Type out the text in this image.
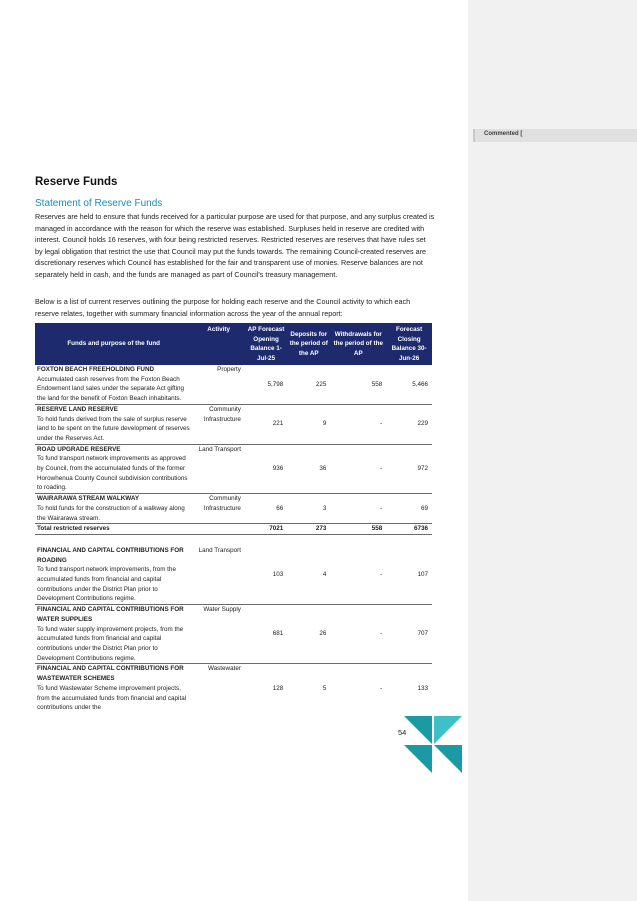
Reserve Funds
Statement of Reserve Funds
Reserves are held to ensure that funds received for a particular purpose are used for that purpose, and any surplus created is managed in accordance with the reason for which the reserve was established. Surpluses held in reserve are credited with interest. Council holds 16 reserves, with four being restricted reserves. Restricted reserves are reserves that have rules set by legal obligation that restrict the use that Council may put the funds towards. The remaining Council-created reserves are discretionary reserves which Council has established for the fair and transparent use of monies. Reserve balances are not separately held in cash, and the funds are managed as part of Council's treasury management.
Below is a list of current reserves outlining the purpose for holding each reserve and the Council activity to which each reserve relates, together with summary financial information across the year of the annual report:
Funds and purpose of the fund	Activity	AP Forecast Opening Balance 1-Jul-25	Deposits for the period of the AP	Withdrawals for the period of the AP	Forecast Closing Balance 30-Jun-26
FOXTON BEACH FREEHOLDING FUND
Accumulated cash reserves from the Foxton Beach Endowment land sales under the separate Act gifting the land for the benefit of Foxton Beach inhabitants.	Property	5,798	225	558	5,466
RESERVE LAND RESERVE
To hold funds derived from the sale of surplus reserve land to be spent on the future development of reserves under the Reserves Act.	Community Infrastructure	221	9	-	229
ROAD UPGRADE RESERVE
To fund transport network improvements as approved by Council, from the accumulated funds of the former Horowhenua County Council subdivision contributions to roading.	Land Transport	936	36	-	972
WAIRARAWA STREAM WALKWAY
To hold funds for the construction of a walkway along the Wairarawa stream.	Community Infrastructure	66	3	-	69
Total restricted reserves		7021	273	558	6736

FINANCIAL AND CAPITAL CONTRIBUTIONS FOR ROADING
To fund transport network improvements, from the accumulated funds from financial and capital contributions under the District Plan prior to Development Contributions regime.	Land Transport	103	4	-	107
FINANCIAL AND CAPITAL CONTRIBUTIONS FOR WATER SUPPLIES
To fund water supply improvement projects, from the accumulated funds from financial and capital contributions under the District Plan prior to Development Contributions regime.	Water Supply	681	26	-	707
FINANCIAL AND CAPITAL CONTRIBUTIONS FOR WASTEWATER SCHEMES
To fund Wastewater Scheme improvement projects, from the accumulated funds from financial and capital contributions under the	Wastewater	128	5	-	133
54
Commented [
